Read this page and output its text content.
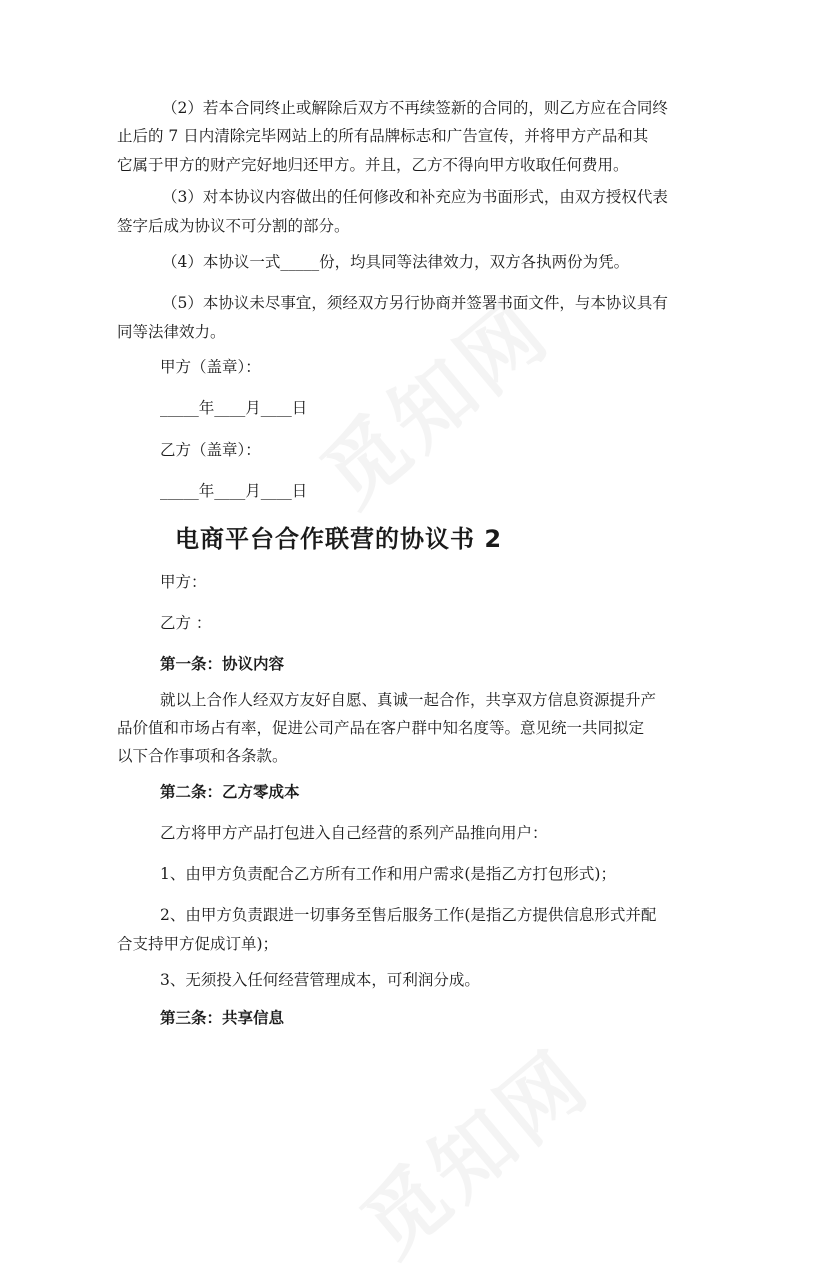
（2）若本合同终止或解除后双方不再续签新的合同的，则乙方应在合同终

止后的 7 日内清除完毕网站上的所有品牌标志和广告宣传，并将甲方产品和其

它属于甲方的财产完好地归还甲方。并且，乙方不得向甲方收取任何费用。

（3）对本协议内容做出的任何修改和补充应为书面形式，由双方授权代表

签字后成为协议不可分割的部分。

（4）本协议一式_____份，均具同等法律效力，双方各执两份为凭。

（5）本协议未尽事宜，须经双方另行协商并签署书面文件，与本协议具有

同等法律效力。

甲方（盖章）：

_____年____月____日

乙方（盖章）：

_____年____月____日

电商平台合作联营的协议书 2

甲方：

乙方 ：

第一条：协议内容

就以上合作人经双方友好自愿、真诚一起合作，共享双方信息资源提升产

品价值和市场占有率，促进公司产品在客户群中知名度等。意见统一共同拟定

以下合作事项和各条款。

第二条：乙方零成本

乙方将甲方产品打包进入自己经营的系列产品推向用户：

1、由甲方负责配合乙方所有工作和用户需求(是指乙方打包形式)；

2、由甲方负责跟进一切事务至售后服务工作(是指乙方提供信息形式并配

合支持甲方促成订单)；

3、无须投入任何经营管理成本，可利润分成。

第三条：共享信息
